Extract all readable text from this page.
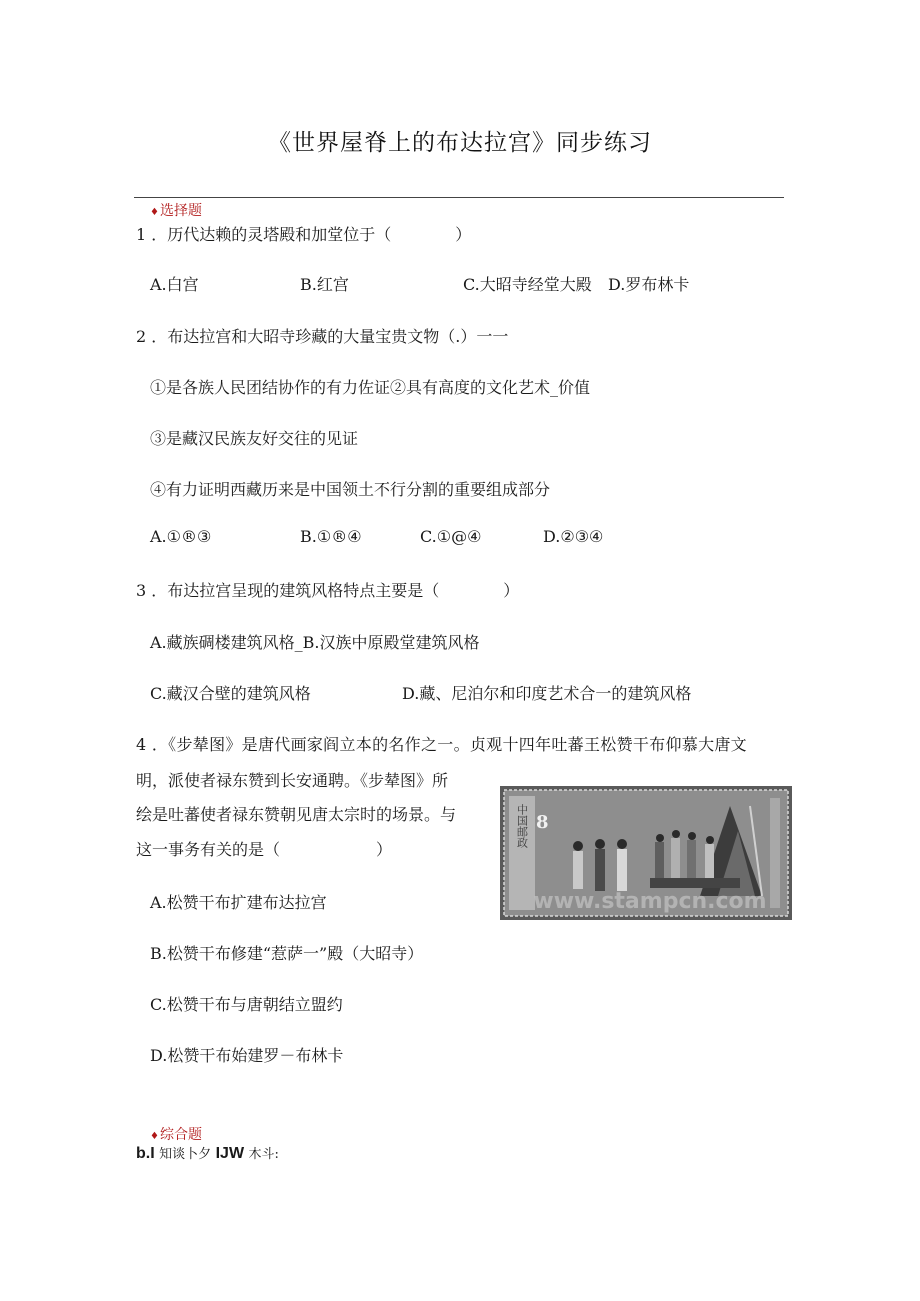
《世界屋脊上的布达拉宫》同步练习
♦选择题
1 ．历代达赖的灵塔殿和加堂位于（　　　　）
A.白宫	B.红宫	C.大昭寺经堂大殿 D.罗布林卡
2 ．布达拉宫和大昭寺珍藏的大量宝贵文物（.）一一
①是各族人民团结协作的有力佐证②具有高度的文化艺术_价值
③是藏汉民族友好交往的见证
④有力证明西藏历来是中国领土不行分割的重要组成部分
A.①®③	B.①®④	C.①@④	D.②③④
3 ．布达拉宫呈现的建筑风格特点主要是（　　　　）
A.藏族碉楼建筑风格_B.汉族中原殿堂建筑风格
C.藏汉合壁的建筑风格	D.藏、尼泊尔和印度艺术合一的建筑风格
4 ．《步辇图》是唐代画家阎立本的名作之一。贞观十四年吐蕃王松赞干布仰慕大唐文
明，派使者禄东赞到长安通聘。《步辇图》所
绘是吐蕃使者禄东赞朝见唐太宗时的场景。与
这一事务有关的是（　　　　　　）
中国邮政 8
www.stampcn.com
A.松赞干布扩建布达拉宫
B.松赞干布修建“惹萨一”殿（大昭寺）
C.松赞干布与唐朝结立盟约
D.松赞干布始建罗－布林卡
♦综合题
b.I 知谈卜夕 IJW 木斗:
